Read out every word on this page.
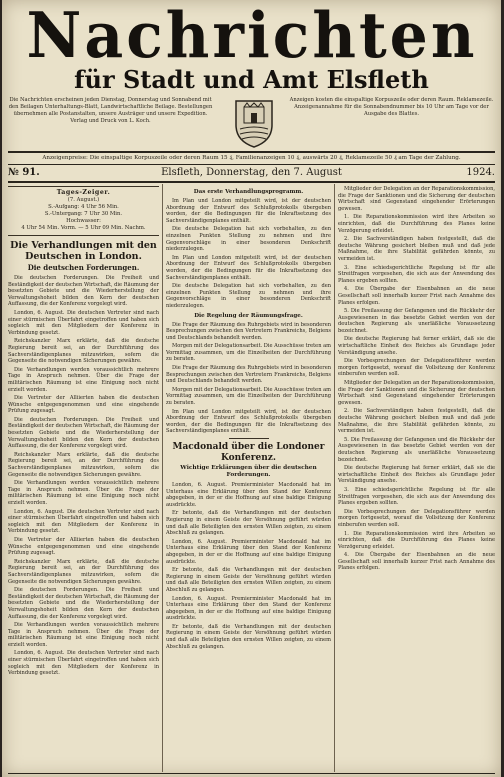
Nachrichten
für Stadt und Amt Elsfleth
Die Nachrichten erscheinen jeden Dienstag, Donnerstag und Sonnabend mit den Beilagen Unterhaltungs-Blatt, Landwirtschaftliche Beilage. Bestellungen übernehmen alle Postanstalten, unsere Austräger und unsere Expedition. Verlag und Druck von L. Koch.
Anzeigen kosten die einspaltige Korpuszeile oder deren Raum. Reklamezeile. Anzeigenannahme für die Sonnabendnummer bis 10 Uhr am Tage vor der Ausgabe des Blattes.
Anzeigenpreise: Die einspaltige Korpuszeile oder deren Raum 15 ₰, Familienanzeigen 10 ₰, auswärts 20 ₰, Reklamezeile 50 ₰ am Tage der Zahlung.
Elsfleth, Donnerstag, den 7. August
№ 91.	1924.
Tages-Zeiger.
(7. August.)
S.-Aufgang: 4 Uhr 56 Min.
S.-Untergang: 7 Uhr 30 Min.
Hochwasser:
4 Uhr 54 Min. Vorm. — 5 Uhr 09 Min. Nachm.
Die Verhandlungen mit den Deutschen in London.
Die deutschen Forderungen.

Die deutschen Forderungen. Die Freiheit und Beständigkeit der deutschen Wirtschaft, die Räumung der besetzten Gebiete und die Wiederherstellung der Verwaltungshoheit bilden den Kern der deutschen Auffassung, die der Konferenz vorgelegt wird.

London, 6. August. Die deutschen Vertreter sind nach einer stürmischen Überfahrt eingetroffen und haben sich sogleich mit den Mitgliedern der Konferenz in Verbindung gesetzt.

Reichskanzler Marx erklärte, daß die deutsche Regierung bereit sei, an der Durchführung des Sachverständigenplanes mitzuwirken, sofern die Gegenseite die notwendigen Sicherungen gewähre.

Die Verhandlungen werden voraussichtlich mehrere Tage in Anspruch nehmen. Über die Frage der militärischen Räumung ist eine Einigung noch nicht erzielt worden.

Die Vertreter der Alliierten haben die deutschen Wünsche entgegengenommen und eine eingehende Prüfung zugesagt.

Die deutschen Forderungen. Die Freiheit und Beständigkeit der deutschen Wirtschaft, die Räumung der besetzten Gebiete und die Wiederherstellung der Verwaltungshoheit bilden den Kern der deutschen Auffassung, die der Konferenz vorgelegt wird.

Reichskanzler Marx erklärte, daß die deutsche Regierung bereit sei, an der Durchführung des Sachverständigenplanes mitzuwirken, sofern die Gegenseite die notwendigen Sicherungen gewähre.

Die Verhandlungen werden voraussichtlich mehrere Tage in Anspruch nehmen. Über die Frage der militärischen Räumung ist eine Einigung noch nicht erzielt worden.

London, 6. August. Die deutschen Vertreter sind nach einer stürmischen Überfahrt eingetroffen und haben sich sogleich mit den Mitgliedern der Konferenz in Verbindung gesetzt.

Die Vertreter der Alliierten haben die deutschen Wünsche entgegengenommen und eine eingehende Prüfung zugesagt.

Reichskanzler Marx erklärte, daß die deutsche Regierung bereit sei, an der Durchführung des Sachverständigenplanes mitzuwirken, sofern die Gegenseite die notwendigen Sicherungen gewähre.

Die deutschen Forderungen. Die Freiheit und Beständigkeit der deutschen Wirtschaft, die Räumung der besetzten Gebiete und die Wiederherstellung der Verwaltungshoheit bilden den Kern der deutschen Auffassung, die der Konferenz vorgelegt wird.

Die Verhandlungen werden voraussichtlich mehrere Tage in Anspruch nehmen. Über die Frage der militärischen Räumung ist eine Einigung noch nicht erzielt worden.

London, 6. August. Die deutschen Vertreter sind nach einer stürmischen Überfahrt eingetroffen und haben sich sogleich mit den Mitgliedern der Konferenz in Verbindung gesetzt.

Das erste Verhandlungsprogramm.

Im Plan und London mitgeteilt wird, ist der deutschen Abordnung der Entwurf des Schlußprotokolls übergeben worden, der die Bedingungen für die Inkraftsetzung des Sachverständigenplanes enthält.

Die deutsche Delegation hat sich vorbehalten, zu den einzelnen Punkten Stellung zu nehmen und ihre Gegenvorschläge in einer besonderen Denkschrift niederzulegen.

Im Plan und London mitgeteilt wird, ist der deutschen Abordnung der Entwurf des Schlußprotokolls übergeben worden, der die Bedingungen für die Inkraftsetzung des Sachverständigenplanes enthält.

Die deutsche Delegation hat sich vorbehalten, zu den einzelnen Punkten Stellung zu nehmen und ihre Gegenvorschläge in einer besonderen Denkschrift niederzulegen.

Die Regelung der Räumungsfrage.

Die Frage der Räumung des Ruhrgebiets wird in besonderen Besprechungen zwischen den Vertretern Frankreichs, Belgiens und Deutschlands behandelt werden.

Morgen mit der Delegationsarbeit. Die Ausschüsse treten am Vormittag zusammen, um die Einzelheiten der Durchführung zu beraten.

Die Frage der Räumung des Ruhrgebiets wird in besonderen Besprechungen zwischen den Vertretern Frankreichs, Belgiens und Deutschlands behandelt werden.

Morgen mit der Delegationsarbeit. Die Ausschüsse treten am Vormittag zusammen, um die Einzelheiten der Durchführung zu beraten.

Im Plan und London mitgeteilt wird, ist der deutschen Abordnung der Entwurf des Schlußprotokolls übergeben worden, der die Bedingungen für die Inkraftsetzung des Sachverständigenplanes enthält.

Macdonald über die Londoner Konferenz.
Wichtige Erklärungen über die deutschen Forderungen.

London, 6. August. Premierminister Macdonald hat im Unterhaus eine Erklärung über den Stand der Konferenz abgegeben, in der er die Hoffnung auf eine baldige Einigung ausdrückte.

Er betonte, daß die Verhandlungen mit der deutschen Regierung in einem Geiste der Versöhnung geführt würden und daß alle Beteiligten den ernsten Willen zeigten, zu einem Abschluß zu gelangen.

London, 6. August. Premierminister Macdonald hat im Unterhaus eine Erklärung über den Stand der Konferenz abgegeben, in der er die Hoffnung auf eine baldige Einigung ausdrückte.

Er betonte, daß die Verhandlungen mit der deutschen Regierung in einem Geiste der Versöhnung geführt würden und daß alle Beteiligten den ernsten Willen zeigten, zu einem Abschluß zu gelangen.

London, 6. August. Premierminister Macdonald hat im Unterhaus eine Erklärung über den Stand der Konferenz abgegeben, in der er die Hoffnung auf eine baldige Einigung ausdrückte.

Er betonte, daß die Verhandlungen mit der deutschen Regierung in einem Geiste der Versöhnung geführt würden und daß alle Beteiligten den ernsten Willen zeigten, zu einem Abschluß zu gelangen.

Mitglieder der Delegation an der Reparationskommission, die Frage der Sanktionen und die Sicherung der deutschen Wirtschaft sind Gegenstand eingehender Erörterungen gewesen.

1. Die Reparationskommission wird ihre Arbeiten so einrichten, daß die Durchführung des Planes keine Verzögerung erleidet.

2. Die Sachverständigen haben festgestellt, daß die deutsche Währung gesichert bleiben muß und daß jede Maßnahme, die ihre Stabilität gefährden könnte, zu vermeiden ist.

3. Eine schiedsgerichtliche Regelung ist für alle Streitfragen vorgesehen, die sich aus der Anwendung des Planes ergeben sollten.

4. Die Übergabe der Eisenbahnen an die neue Gesellschaft soll innerhalb kurzer Frist nach Annahme des Planes erfolgen.

5. Die Freilassung der Gefangenen und die Rückkehr der Ausgewiesenen in das besetzte Gebiet werden von der deutschen Regierung als unerläßliche Voraussetzung bezeichnet.

Die deutsche Regierung hat ferner erklärt, daß sie die wirtschaftliche Einheit des Reiches als Grundlage jeder Verständigung ansehe.

Die Vorbesprechungen der Delegationsführer werden morgen fortgesetzt, worauf die Vollsitzung der Konferenz einberufen werden soll.

Mitglieder der Delegation an der Reparationskommission, die Frage der Sanktionen und die Sicherung der deutschen Wirtschaft sind Gegenstand eingehender Erörterungen gewesen.

2. Die Sachverständigen haben festgestellt, daß die deutsche Währung gesichert bleiben muß und daß jede Maßnahme, die ihre Stabilität gefährden könnte, zu vermeiden ist.

5. Die Freilassung der Gefangenen und die Rückkehr der Ausgewiesenen in das besetzte Gebiet werden von der deutschen Regierung als unerläßliche Voraussetzung bezeichnet.

Die deutsche Regierung hat ferner erklärt, daß sie die wirtschaftliche Einheit des Reiches als Grundlage jeder Verständigung ansehe.

3. Eine schiedsgerichtliche Regelung ist für alle Streitfragen vorgesehen, die sich aus der Anwendung des Planes ergeben sollten.

Die Vorbesprechungen der Delegationsführer werden morgen fortgesetzt, worauf die Vollsitzung der Konferenz einberufen werden soll.

1. Die Reparationskommission wird ihre Arbeiten so einrichten, daß die Durchführung des Planes keine Verzögerung erleidet.

4. Die Übergabe der Eisenbahnen an die neue Gesellschaft soll innerhalb kurzer Frist nach Annahme des Planes erfolgen.
